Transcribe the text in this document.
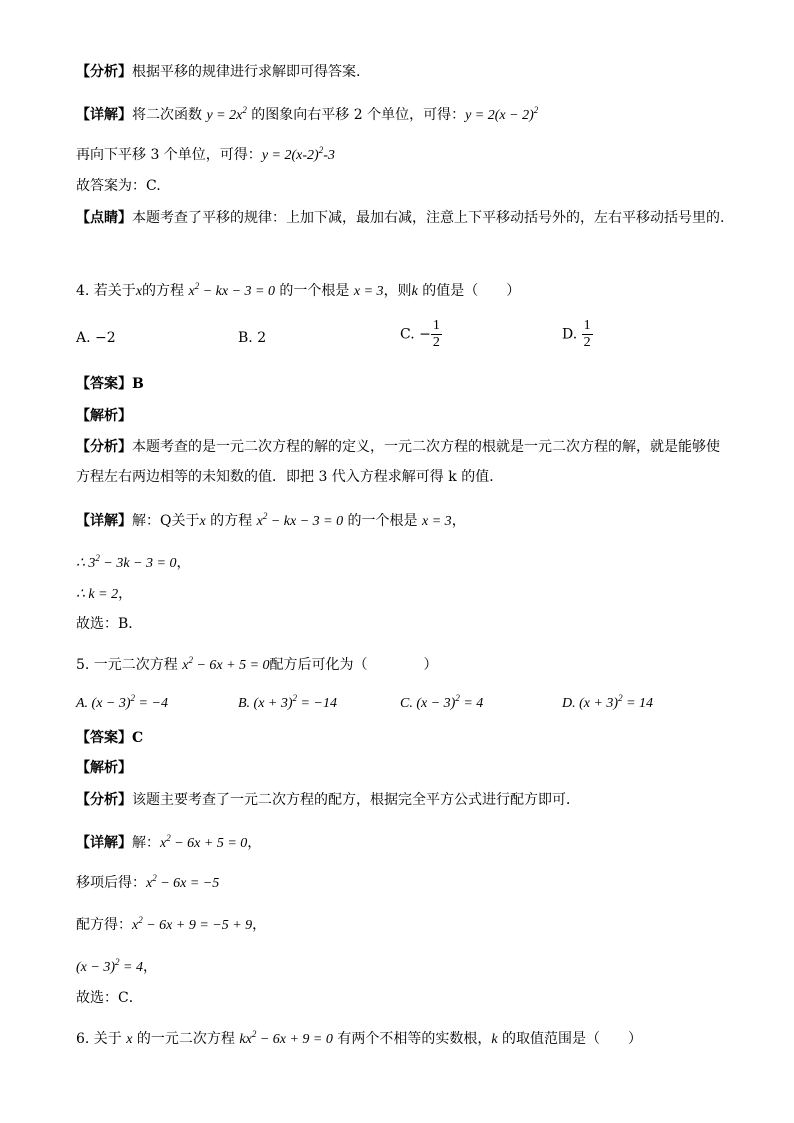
【分析】根据平移的规律进行求解即可得答案.
【详解】将二次函数 $y = 2x^2$ 的图象向右平移 2 个单位，可得：$y = 2(x - 2)^2$
再向下平移 3 个单位，可得：$y = 2(x-2)^2-3$
故答案为：C.
【点睛】本题考查了平移的规律：上加下减，最加右减，注意上下平移动括号外的，左右平移动括号里的.
4. 若关于x的方程 $x^2$ − kx − 3 = 0 的一个根是 x = 3，则k 的值是（　　）
A. −2	B. 2	C. − $\frac{1}{2}$	D. $\frac{1}{2}$
【答案】B
【解析】
【分析】本题考查的是一元二次方程的解的定义，一元二次方程的根就是一元二次方程的解，就是能够使方程左右两边相等的未知数的值．即把 3 代入方程求解可得 k 的值．
【详解】解：Q关于x 的方程 $x^2$ − kx − 3 = 0 的一个根是 x = 3，
∴ $3^2 - 3k - 3 = 0$，
∴ k = 2，
故选：B．
5. 一元二次方程 $x^2 - 6x + 5 = 0$配方后可化为（　　　　）
A. $(x - 3)^2 = -4$	B. $(x + 3)^2 = -14$	C. $(x - 3)^2 = 4$	D. $(x + 3)^2 = 14$
【答案】C
【解析】
【分析】该题主要考查了一元二次方程的配方，根据完全平方公式进行配方即可．
【详解】解：$x^2 - 6x + 5 = 0$，
移项后得：$x^2 - 6x = -5$
配方得：$x^2 - 6x + 9 = -5 + 9$，
$(x - 3)^2 = 4$，
故选：C．
6. 关于 x 的一元二次方程 $kx^2 - 6x + 9 = 0$ 有两个不相等的实数根，k 的取值范围是（　　）
